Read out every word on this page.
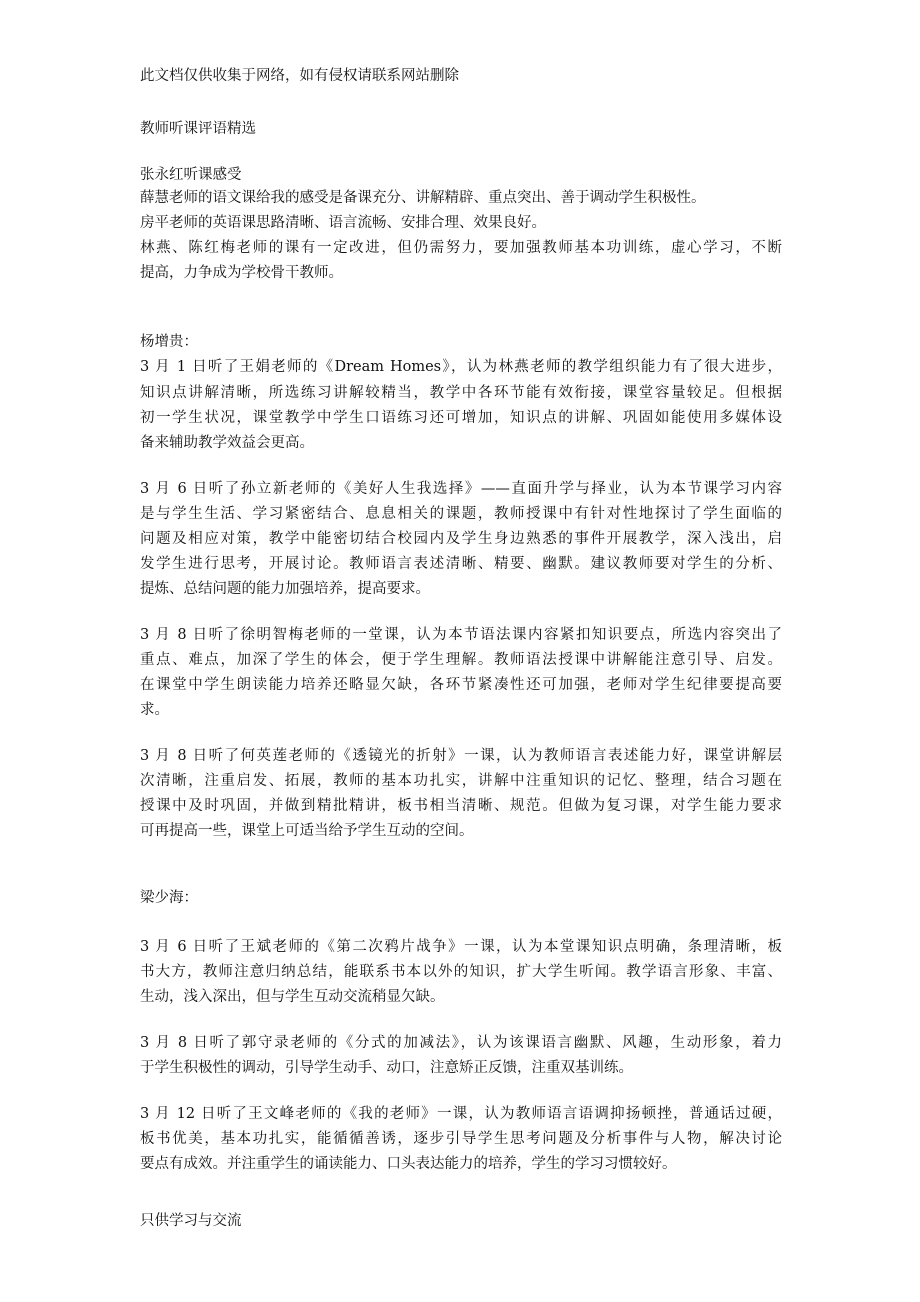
此文档仅供收集于网络，如有侵权请联系网站删除
教师听课评语精选
张永红听课感受
薛慧老师的语文课给我的感受是备课充分、讲解精辟、重点突出、善于调动学生积极性。
房平老师的英语课思路清晰、语言流畅、安排合理、效果良好。
林燕、陈红梅老师的课有一定改进，但仍需努力，要加强教师基本功训练，虚心学习，不断
提高，力争成为学校骨干教师。
杨增贵：
3 月 1 日听了王娟老师的《Dream Homes》，认为林燕老师的教学组织能力有了很大进步，
知识点讲解清晰，所选练习讲解较精当，教学中各环节能有效衔接，课堂容量较足。但根据
初一学生状况，课堂教学中学生口语练习还可增加，知识点的讲解、巩固如能使用多媒体设
备来辅助教学效益会更高。
3 月 6 日听了孙立新老师的《美好人生我选择》——直面升学与择业，认为本节课学习内容
是与学生生活、学习紧密结合、息息相关的课题，教师授课中有针对性地探讨了学生面临的
问题及相应对策，教学中能密切结合校园内及学生身边熟悉的事件开展教学，深入浅出，启
发学生进行思考，开展讨论。教师语言表述清晰、精要、幽默。建议教师要对学生的分析、
提炼、总结问题的能力加强培养，提高要求。
3 月 8 日听了徐明智梅老师的一堂课，认为本节语法课内容紧扣知识要点，所选内容突出了
重点、难点，加深了学生的体会，便于学生理解。教师语法授课中讲解能注意引导、启发。
在课堂中学生朗读能力培养还略显欠缺，各环节紧凑性还可加强，老师对学生纪律要提高要
求。
3 月 8 日听了何英莲老师的《透镜光的折射》一课，认为教师语言表述能力好，课堂讲解层
次清晰，注重启发、拓展，教师的基本功扎实，讲解中注重知识的记忆、整理，结合习题在
授课中及时巩固，并做到精批精讲，板书相当清晰、规范。但做为复习课，对学生能力要求
可再提高一些，课堂上可适当给予学生互动的空间。
梁少海：
3 月 6 日听了王斌老师的《第二次鸦片战争》一课，认为本堂课知识点明确，条理清晰，板
书大方，教师注意归纳总结，能联系书本以外的知识，扩大学生听闻。教学语言形象、丰富、
生动，浅入深出，但与学生互动交流稍显欠缺。
3 月 8 日听了郭守录老师的《分式的加减法》，认为该课语言幽默、风趣，生动形象，着力
于学生积极性的调动，引导学生动手、动口，注意矫正反馈，注重双基训练。
3 月 12 日听了王文峰老师的《我的老师》一课，认为教师语言语调抑扬顿挫，普通话过硬，
板书优美，基本功扎实，能循循善诱，逐步引导学生思考问题及分析事件与人物，解决讨论
要点有成效。并注重学生的诵读能力、口头表达能力的培养，学生的学习习惯较好。
只供学习与交流
